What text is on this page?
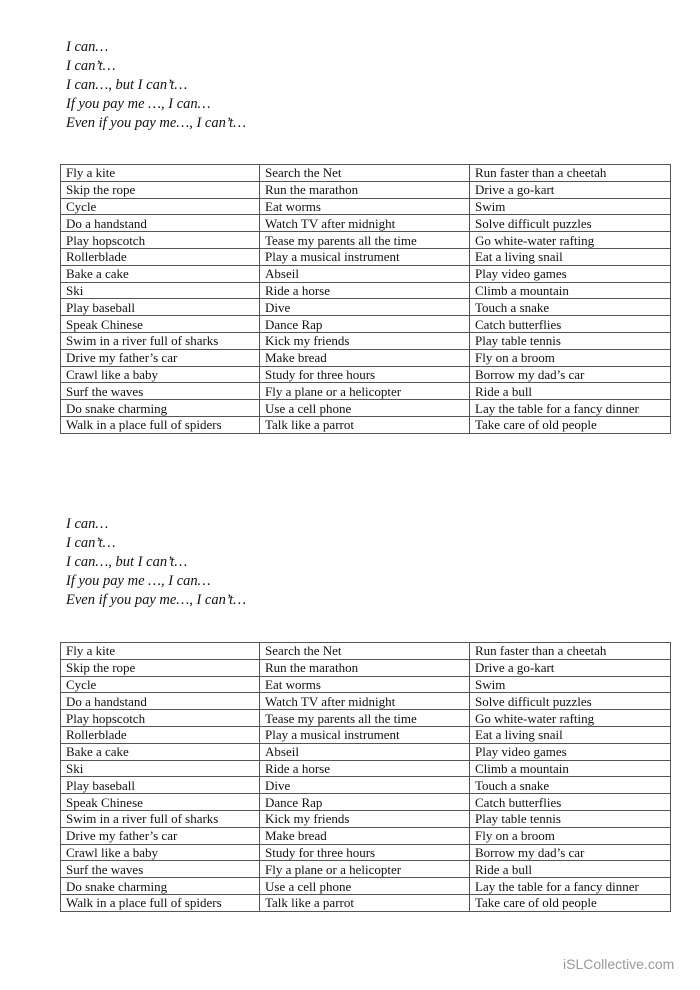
I can…
I can’t…
I can…, but I can’t…
If you pay me …, I can…
Even if you pay me…, I can’t…
Fly a kite	Search the Net	Run faster than a cheetah
Skip the rope	Run the marathon	Drive a go-kart
Cycle	Eat worms	Swim
Do a handstand	Watch TV after midnight	Solve difficult puzzles
Play hopscotch	Tease my parents all the time	Go white-water rafting
Rollerblade	Play a musical instrument	Eat a living snail
Bake a cake	Abseil	Play video games
Ski	Ride a horse	Climb a mountain
Play baseball	Dive	Touch a snake
Speak Chinese	Dance Rap	Catch butterflies
Swim in a river full of sharks	Kick my friends	Play table tennis
Drive my father’s car	Make bread	Fly on a broom
Crawl like a baby	Study for three hours	Borrow my dad’s car
Surf the waves	Fly a plane or a helicopter	Ride a bull
Do snake charming	Use a cell phone	Lay the table for a fancy dinner
Walk in a place full of spiders	Talk like a parrot	Take care of old people
I can…
I can’t…
I can…, but I can’t…
If you pay me …, I can…
Even if you pay me…, I can’t…
Fly a kite	Search the Net	Run faster than a cheetah
Skip the rope	Run the marathon	Drive a go-kart
Cycle	Eat worms	Swim
Do a handstand	Watch TV after midnight	Solve difficult puzzles
Play hopscotch	Tease my parents all the time	Go white-water rafting
Rollerblade	Play a musical instrument	Eat a living snail
Bake a cake	Abseil	Play video games
Ski	Ride a horse	Climb a mountain
Play baseball	Dive	Touch a snake
Speak Chinese	Dance Rap	Catch butterflies
Swim in a river full of sharks	Kick my friends	Play table tennis
Drive my father’s car	Make bread	Fly on a broom
Crawl like a baby	Study for three hours	Borrow my dad’s car
Surf the waves	Fly a plane or a helicopter	Ride a bull
Do snake charming	Use a cell phone	Lay the table for a fancy dinner
Walk in a place full of spiders	Talk like a parrot	Take care of old people
iSLCollective.com
